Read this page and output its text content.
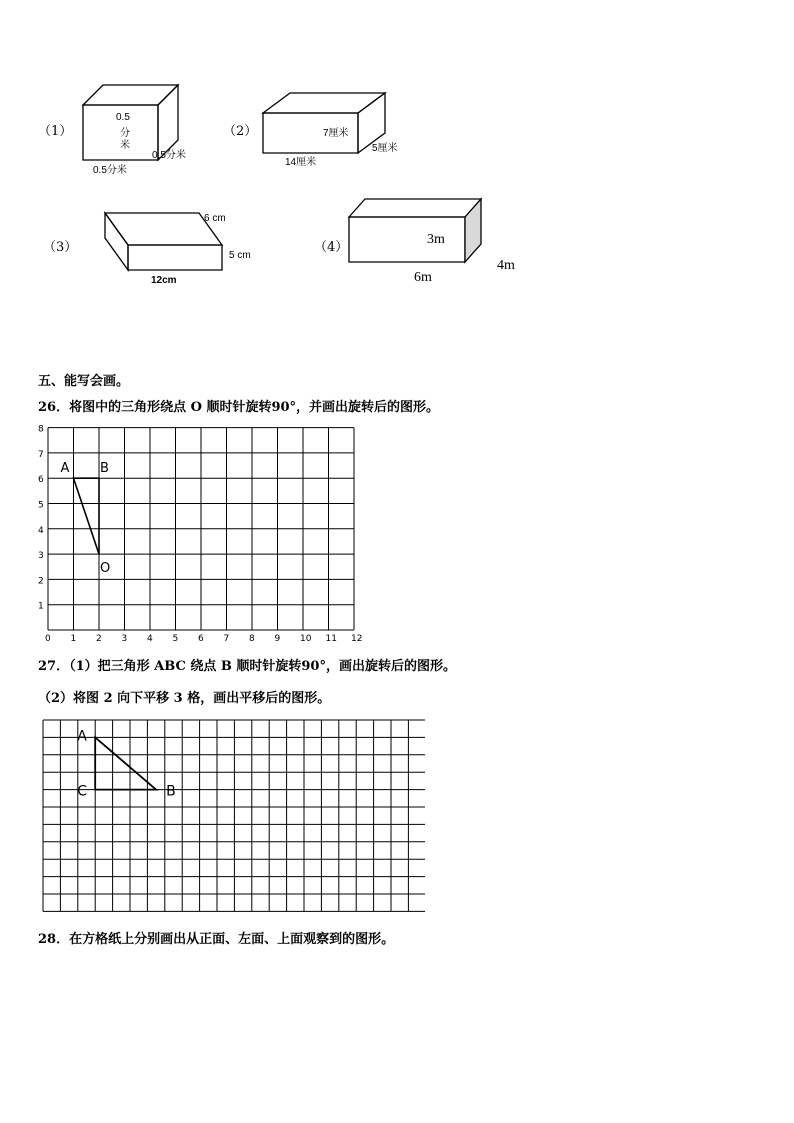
（1）
0.5
分
米
0.5分米
0.5分米
（2）	7厘米
5厘米
14厘米
（3）
6 cm
5 cm
12cm
（4）
3m
4m
6m
五、能写会画。
26．将图中的三角形绕点 O 顺时针旋转90°，并画出旋转后的图形。
0 1 2 3 4 5 6 7 8 9 10 11 12
1
2
3
4
5
6
7
8
A B
O
27．（1）把三角形 ABC 绕点 B 顺时针旋转90°，画出旋转后的图形。
（2）将图 2 向下平移 3 格，画出平移后的图形。
A
B
C
28．在方格纸上分别画出从正面、左面、上面观察到的图形。
